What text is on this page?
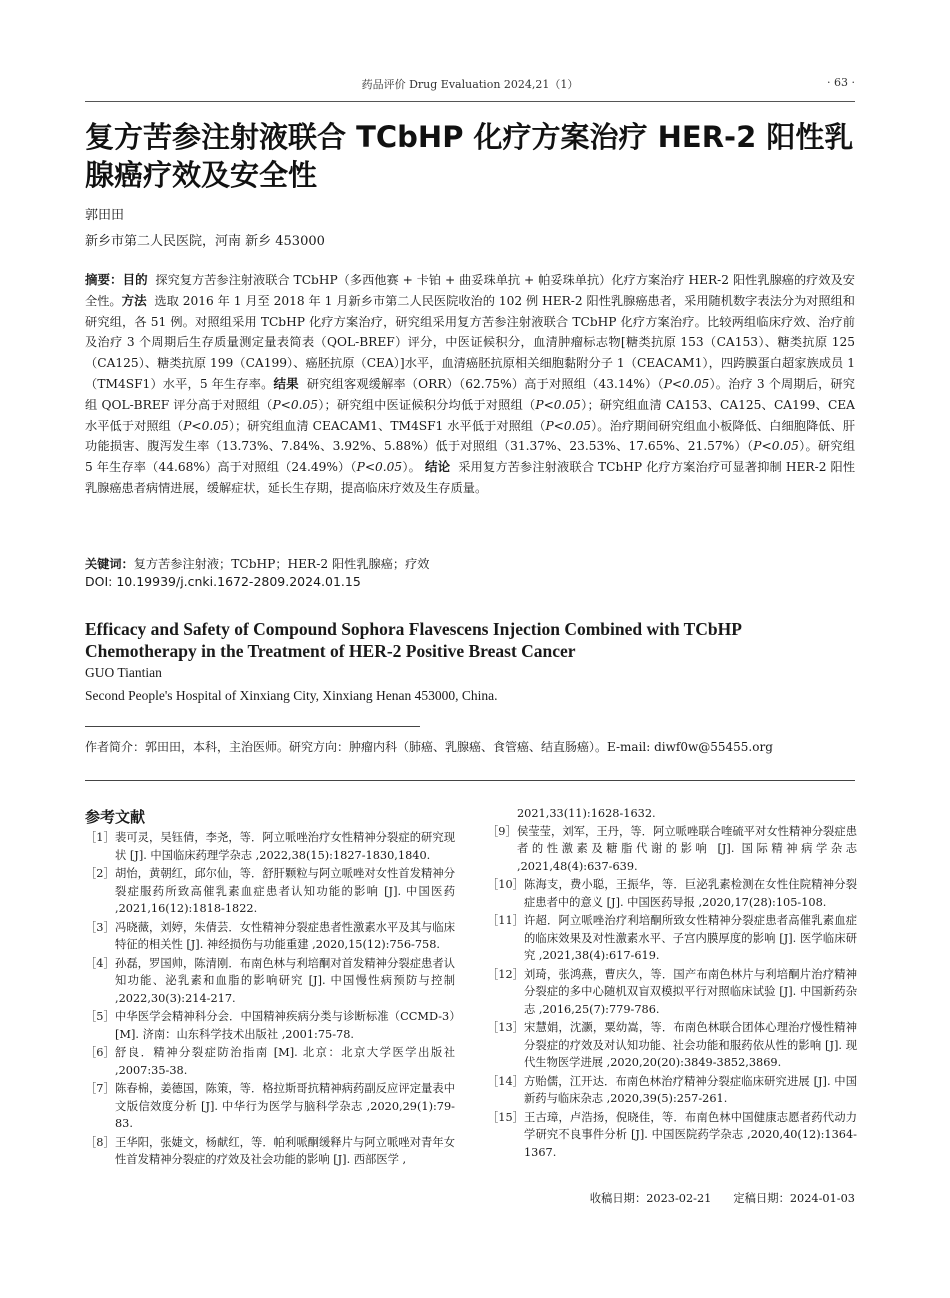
药品评价 Drug Evaluation 2024,21（1）	· 63 ·
复方苦参注射液联合 TCbHP 化疗方案治疗 HER-2 阳性乳腺癌疗效及安全性
郭田田
新乡市第二人民医院，河南 新乡 453000
摘要：目的 探究复方苦参注射液联合 TCbHP（多西他赛 + 卡铂 + 曲妥珠单抗 + 帕妥珠单抗）化疗方案治疗 HER-2 阳性乳腺癌的疗效及安全性。方法 选取 2016 年 1 月至 2018 年 1 月新乡市第二人民医院收治的 102 例 HER-2 阳性乳腺癌患者，采用随机数字表法分为对照组和研究组，各 51 例。对照组采用 TCbHP 化疗方案治疗，研究组采用复方苦参注射液联合 TCbHP 化疗方案治疗。比较两组临床疗效、治疗前及治疗 3 个周期后生存质量测定量表简表（QOL-BREF）评分，中医证候积分，血清肿瘤标志物[糖类抗原 153（CA153）、糖类抗原 125（CA125）、糖类抗原 199（CA199）、癌胚抗原（CEA）]水平，血清癌胚抗原相关细胞黏附分子 1（CEACAM1），四跨膜蛋白超家族成员 1（TM4SF1）水平，5 年生存率。结果 研究组客观缓解率（ORR）（62.75%）高于对照组（43.14%）（P<0.05）。治疗 3 个周期后，研究组 QOL-BREF 评分高于对照组（P<0.05）；研究组中医证候积分均低于对照组（P<0.05）；研究组血清 CA153、CA125、CA199、CEA 水平低于对照组（P<0.05）；研究组血清 CEACAM1、TM4SF1 水平低于对照组（P<0.05）。治疗期间研究组血小板降低、白细胞降低、肝功能损害、腹泻发生率（13.73%、7.84%、3.92%、5.88%）低于对照组（31.37%、23.53%、17.65%、21.57%）（P<0.05）。研究组 5 年生存率（44.68%）高于对照组（24.49%）（P<0.05）。 结论 采用复方苦参注射液联合 TCbHP 化疗方案治疗可显著抑制 HER-2 阳性乳腺癌患者病情进展，缓解症状，延长生存期，提高临床疗效及生存质量。
关键词：复方苦参注射液；TCbHP；HER-2 阳性乳腺癌；疗效
DOI: 10.19939/j.cnki.1672-2809.2024.01.15
Efficacy and Safety of Compound Sophora Flavescens Injection Combined with TCbHP Chemotherapy in the Treatment of HER-2 Positive Breast Cancer
GUO Tiantian
Second People's Hospital of Xinxiang City, Xinxiang Henan 453000, China.
作者简介：郭田田，本科，主治医师。研究方向：肿瘤内科（肺癌、乳腺癌、食管癌、结直肠癌）。E-mail: diwf0w@55455.org
参考文献
［1］ 裴可灵，吴钰倩，李尧，等．阿立哌唑治疗女性精神分裂症的研究现状 [J]. 中国临床药理学杂志 ,2022,38(15):1827-1830,1840.
［2］ 胡怡，黄朝红，邱尔仙，等．舒肝颗粒与阿立哌唑对女性首发精神分裂症服药所致高催乳素血症患者认知功能的影响 [J]. 中国医药 ,2021,16(12):1818-1822.
［3］ 冯晓薇，刘婷，朱倩芸．女性精神分裂症患者性激素水平及其与临床特征的相关性 [J]. 神经损伤与功能重建 ,2020,15(12):756-758.
［4］ 孙磊，罗国帅，陈清刚．布南色林与利培酮对首发精神分裂症患者认知功能、泌乳素和血脂的影响研究 [J]. 中国慢性病预防与控制 ,2022,30(3):214-217.
［5］ 中华医学会精神科分会．中国精神疾病分类与诊断标准（CCMD-3）[M]. 济南：山东科学技术出版社 ,2001:75-78.
［6］ 舒良．精神分裂症防治指南 [M]. 北京：北京大学医学出版社 ,2007:35-38.
［7］ 陈春棉，姜德国，陈策，等．格拉斯哥抗精神病药副反应评定量表中文版信效度分析 [J]. 中华行为医学与脑科学杂志 ,2020,29(1):79-83.
［8］ 王华阳，张婕文，杨献红，等．帕利哌酮缓释片与阿立哌唑对青年女性首发精神分裂症的疗效及社会功能的影响 [J]. 西部医学 ,
2021,33(11):1628-1632.
［9］ 侯莹莹，刘军，王丹，等．阿立哌唑联合喹硫平对女性精神分裂症患者的性激素及糖脂代谢的影响 [J]. 国际精神病学杂志 ,2021,48(4):637-639.
［10］ 陈海支，费小聪，王振华，等．巨泌乳素检测在女性住院精神分裂症患者中的意义 [J]. 中国医药导报 ,2020,17(28):105-108.
［11］ 许超．阿立哌唑治疗利培酮所致女性精神分裂症患者高催乳素血症的临床效果及对性激素水平、子宫内膜厚度的影响 [J]. 医学临床研究 ,2021,38(4):617-619.
［12］ 刘琦，张鸿燕，曹庆久，等．国产布南色林片与利培酮片治疗精神分裂症的多中心随机双盲双模拟平行对照临床试验 [J]. 中国新药杂志 ,2016,25(7):779-786.
［13］ 宋慧娟，沈灏，粟幼嵩，等．布南色林联合团体心理治疗慢性精神分裂症的疗效及对认知功能、社会功能和服药依从性的影响 [J]. 现代生物医学进展 ,2020,20(20):3849-3852,3869.
［14］ 方贻儒，江开达．布南色林治疗精神分裂症临床研究进展 [J]. 中国新药与临床杂志 ,2020,39(5):257-261.
［15］ 王古璋，卢浩扬，倪晓佳，等．布南色林中国健康志愿者药代动力学研究不良事件分析 [J]. 中国医院药学杂志 ,2020,40(12):1364-1367.
收稿日期：2023-02-21 定稿日期：2024-01-03
